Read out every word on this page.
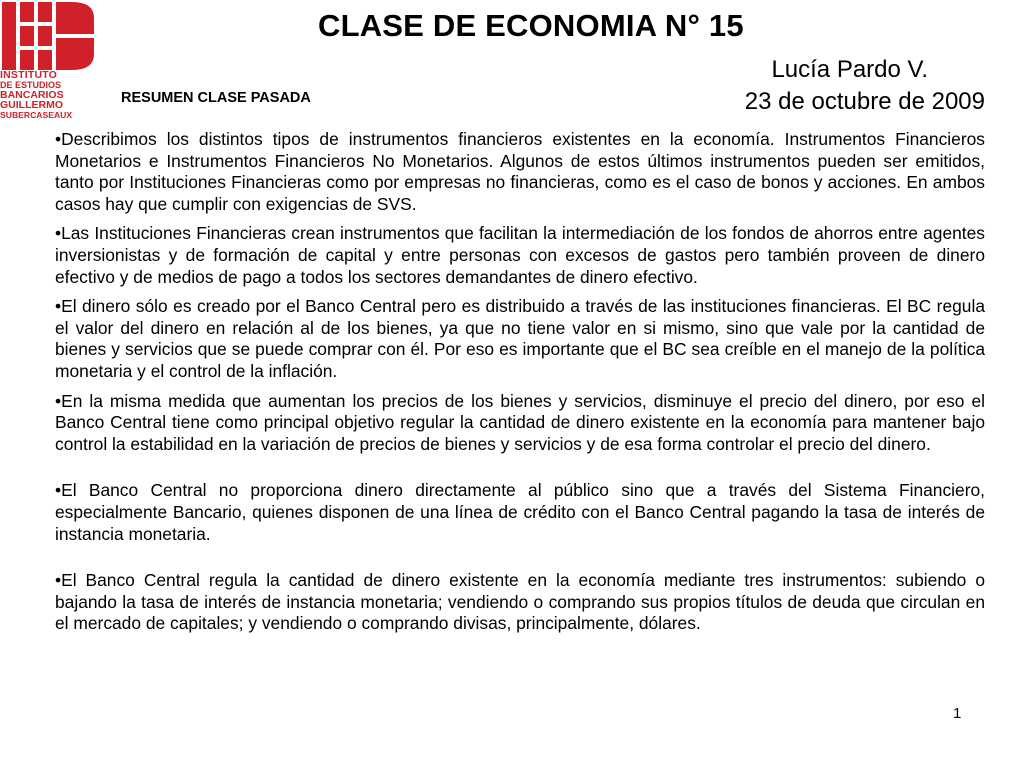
INSTITUTO
DE ESTUDIOS
BANCARIOS
GUILLERMO
SUBERCASEAUX
CLASE DE ECONOMIA N° 15
Lucía Pardo V.
23 de octubre de 2009
RESUMEN CLASE PASADA

•Describimos los distintos tipos de instrumentos financieros existentes en la economía. Instrumentos Financieros Monetarios e Instrumentos Financieros No Monetarios. Algunos de estos últimos instrumentos pueden ser emitidos, tanto por Instituciones Financieras como por empresas no financieras, como es el caso de bonos y acciones. En ambos casos hay que cumplir con exigencias de SVS.

•Las Instituciones Financieras crean instrumentos que facilitan la intermediación de los fondos de ahorros entre agentes inversionistas y de formación de capital y entre personas con excesos de gastos pero también proveen de dinero efectivo y de medios de pago a todos los sectores demandantes de dinero efectivo.

•El dinero sólo es creado por el Banco Central pero es distribuido a través de las instituciones financieras. El BC regula el valor del dinero en relación al de los bienes, ya que no tiene valor en si mismo, sino que vale por la cantidad de bienes y servicios que se puede comprar con él. Por eso es importante que el BC sea creíble en el manejo de la política monetaria y el control de la inflación.

•En la misma medida que aumentan los precios de los bienes y servicios, disminuye el precio del dinero, por eso el Banco Central tiene como principal objetivo regular la cantidad de dinero existente en la economía para mantener bajo control la estabilidad en la variación de precios de bienes y servicios y de esa forma controlar el precio del dinero.

•El Banco Central no proporciona dinero directamente al público sino que a través del Sistema Financiero, especialmente Bancario, quienes disponen de una línea de crédito con el Banco Central pagando la tasa de interés de instancia monetaria.

•El Banco Central regula la cantidad de dinero existente en la economía mediante tres instrumentos: subiendo o bajando la tasa de interés de instancia monetaria; vendiendo o comprando sus propios títulos de deuda que circulan en el mercado de capitales; y vendiendo o comprando divisas, principalmente, dólares.

1
